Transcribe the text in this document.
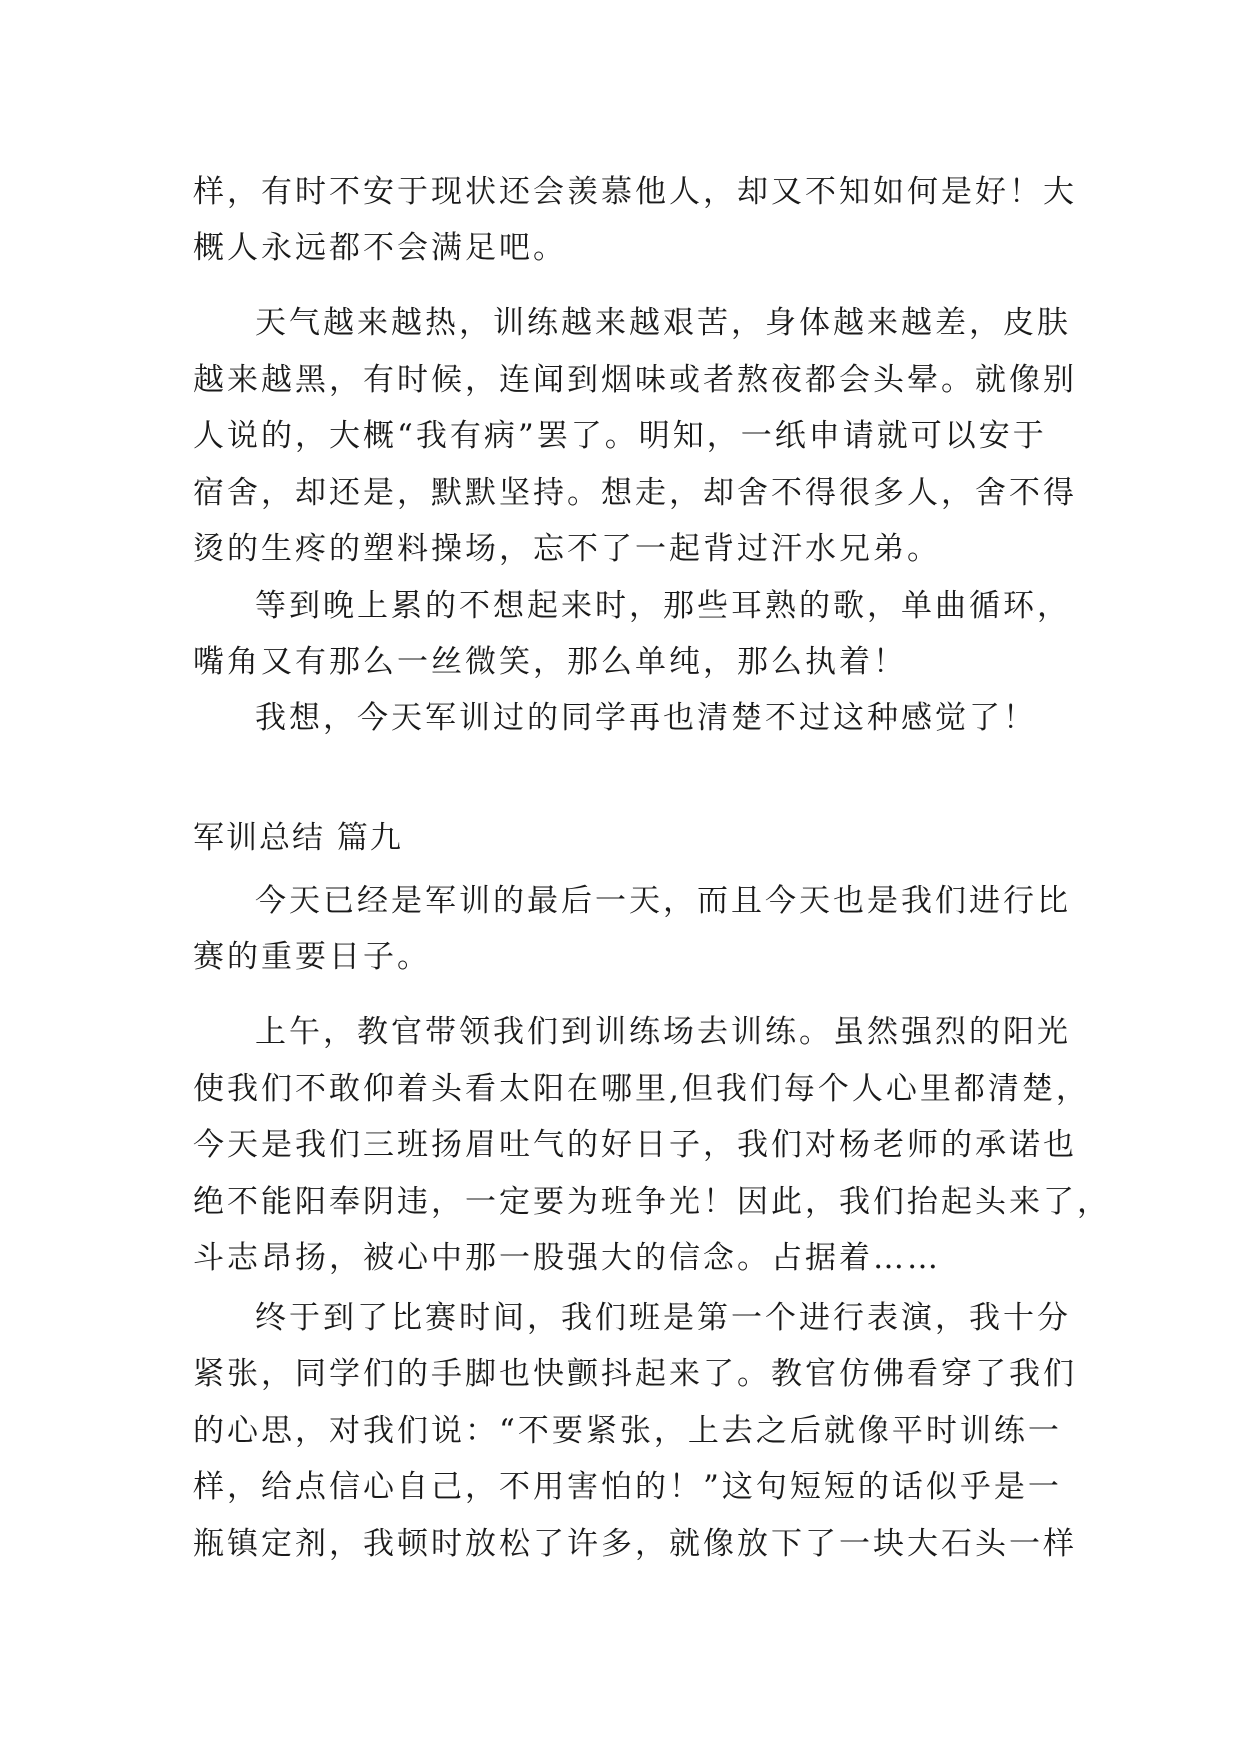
样，有时不安于现状还会羡慕他人，却又不知如何是好！大
概人永远都不会满足吧。
天气越来越热，训练越来越艰苦，身体越来越差，皮肤
越来越黑，有时候，连闻到烟味或者熬夜都会头晕。就像别
人说的，大概“我有病”罢了。明知，一纸申请就可以安于
宿舍，却还是，默默坚持。想走，却舍不得很多人，舍不得
烫的生疼的塑料操场，忘不了一起背过汗水兄弟。
等到晚上累的不想起来时，那些耳熟的歌，单曲循环，
嘴角又有那么一丝微笑，那么单纯，那么执着！
我想，今天军训过的同学再也清楚不过这种感觉了！
军训总结 篇九
今天已经是军训的最后一天，而且今天也是我们进行比
赛的重要日子。
上午，教官带领我们到训练场去训练。虽然强烈的阳光
使我们不敢仰着头看太阳在哪里,但我们每个人心里都清楚，
今天是我们三班扬眉吐气的好日子，我们对杨老师的承诺也
绝不能阳奉阴违，一定要为班争光！因此，我们抬起头来了，
斗志昂扬，被心中那一股强大的信念。占据着……
终于到了比赛时间，我们班是第一个进行表演，我十分
紧张，同学们的手脚也快颤抖起来了。教官仿佛看穿了我们
的心思，对我们说：“不要紧张，上去之后就像平时训练一
样，给点信心自己，不用害怕的！”这句短短的话似乎是一
瓶镇定剂，我顿时放松了许多，就像放下了一块大石头一样
